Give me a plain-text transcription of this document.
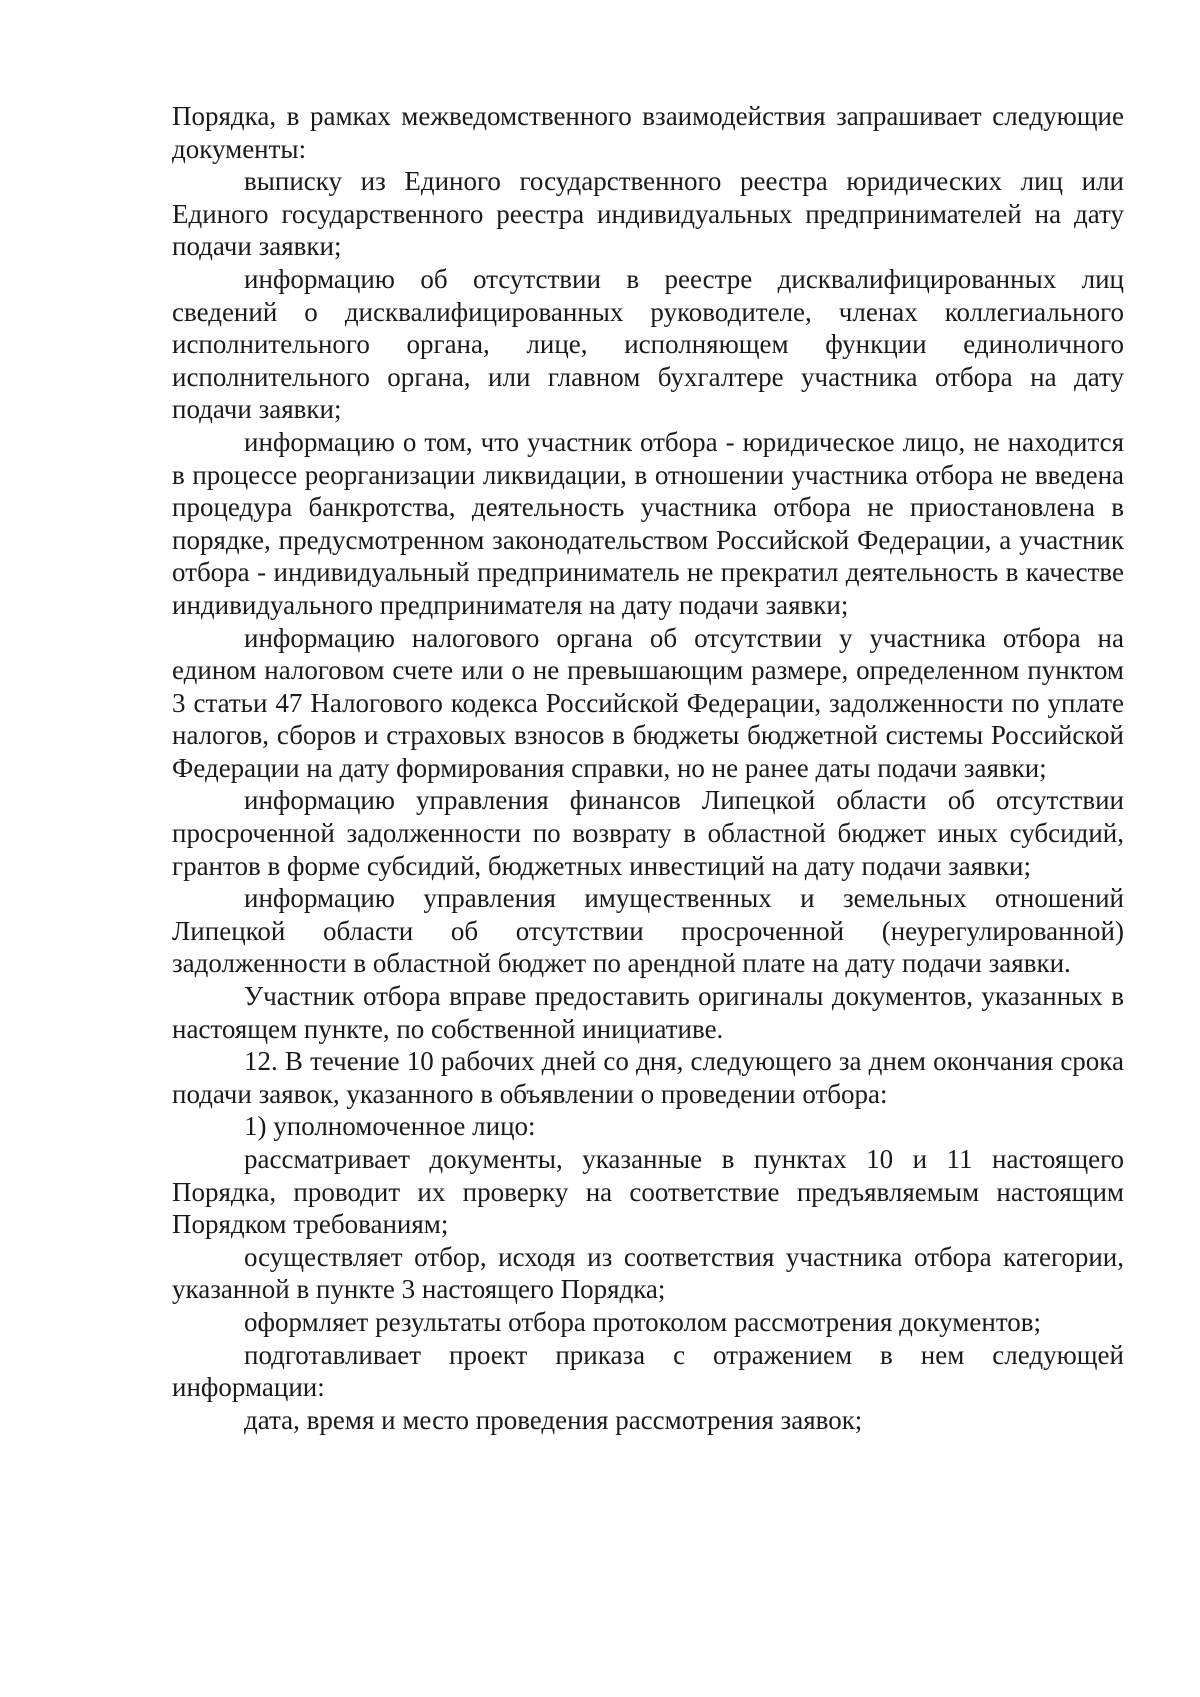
Порядка, в рамках межведомственного взаимодействия запрашивает следующие документы:

выписку из Единого государственного реестра юридических лиц или Единого государственного реестра индивидуальных предпринимателей на дату подачи заявки;

информацию об отсутствии в реестре дисквалифицированных лиц сведений о дисквалифицированных руководителе, членах коллегиального исполнительного органа, лице, исполняющем функции единоличного исполнительного органа, или главном бухгалтере участника отбора на дату подачи заявки;

информацию о том, что участник отбора - юридическое лицо, не находится в процессе реорганизации ликвидации, в отношении участника отбора не введена процедура банкротства, деятельность участника отбора не приостановлена в порядке, предусмотренном законодательством Российской Федерации, а участник отбора - индивидуальный предприниматель не прекратил деятельность в качестве индивидуального предпринимателя на дату подачи заявки;

информацию налогового органа об отсутствии у участника отбора на едином налоговом счете или о не превышающим размере, определенном пунктом 3 статьи 47 Налогового кодекса Российской Федерации, задолженности по уплате налогов, сборов и страховых взносов в бюджеты бюджетной системы Российской Федерации на дату формирования справки, но не ранее даты подачи заявки;

информацию управления финансов Липецкой области об отсутствии просроченной задолженности по возврату в областной бюджет иных субсидий, грантов в форме субсидий, бюджетных инвестиций на дату подачи заявки;

информацию управления имущественных и земельных отношений Липецкой области об отсутствии просроченной (неурегулированной) задолженности в областной бюджет по арендной плате на дату подачи заявки.

Участник отбора вправе предоставить оригиналы документов, указанных в настоящем пункте, по собственной инициативе.

12. В течение 10 рабочих дней со дня, следующего за днем окончания срока подачи заявок, указанного в объявлении о проведении отбора:

1) уполномоченное лицо:

рассматривает документы, указанные в пунктах 10 и 11 настоящего Порядка, проводит их проверку на соответствие предъявляемым настоящим Порядком требованиям;

осуществляет отбор, исходя из соответствия участника отбора категории, указанной в пункте 3 настоящего Порядка;

оформляет результаты отбора протоколом рассмотрения документов;

подготавливает проект приказа с отражением в нем следующей информации:

дата, время и место проведения рассмотрения заявок;
